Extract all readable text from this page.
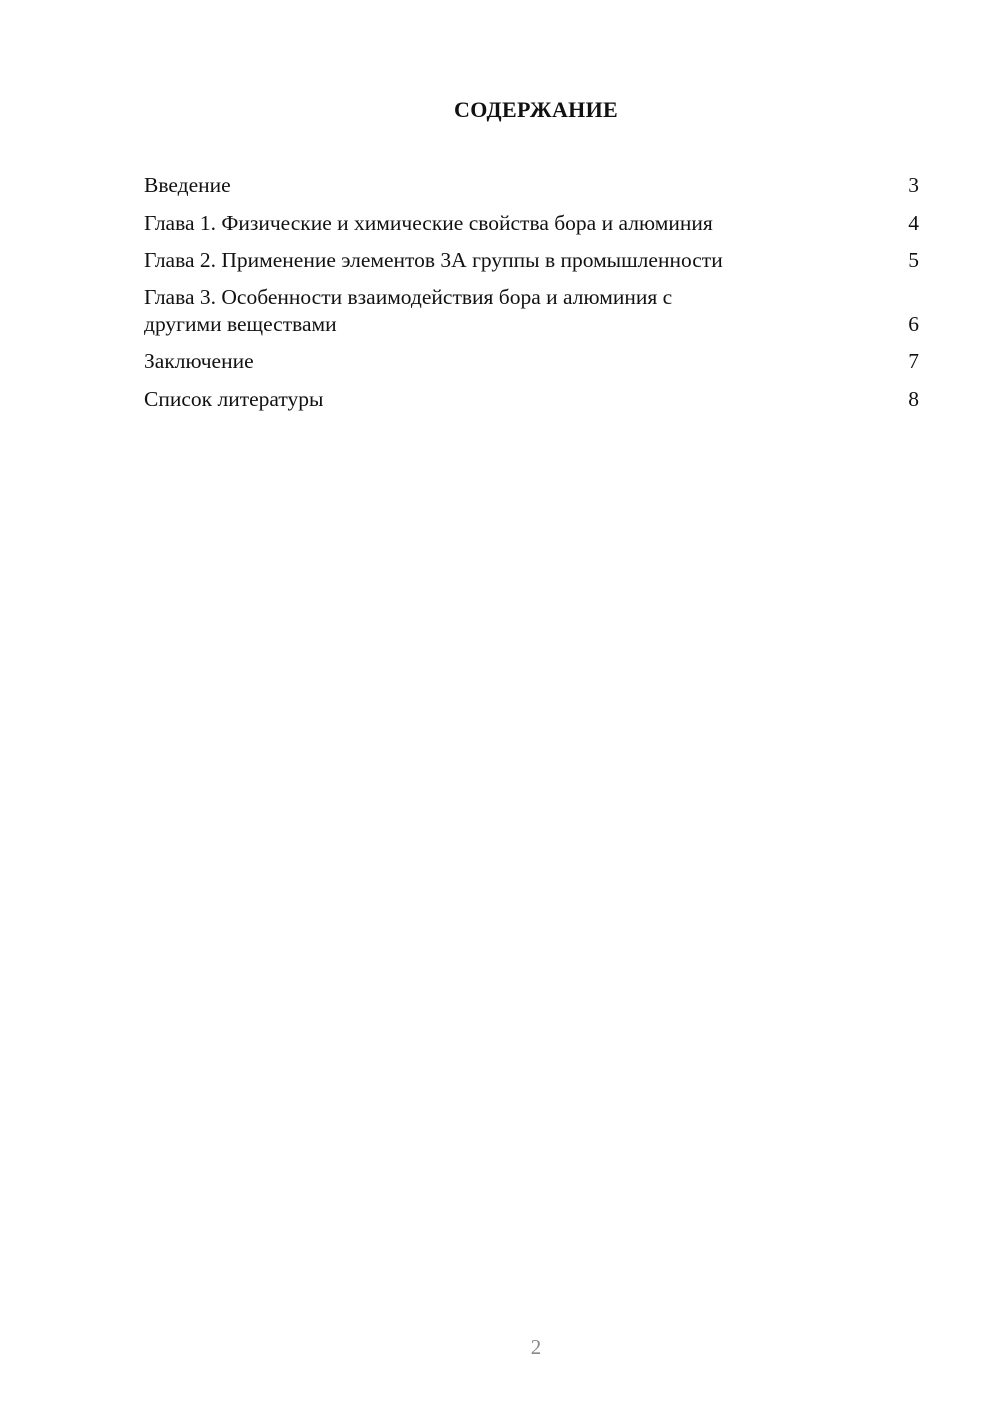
СОДЕРЖАНИЕ
Введение	3
Глава 1. Физические и химические свойства бора и алюминия	4
Глава 2. Применение элементов 3А группы в промышленности	5
Глава 3. Особенности взаимодействия бора и алюминия с
другими веществами	6
Заключение	7
Список литературы	8
2
